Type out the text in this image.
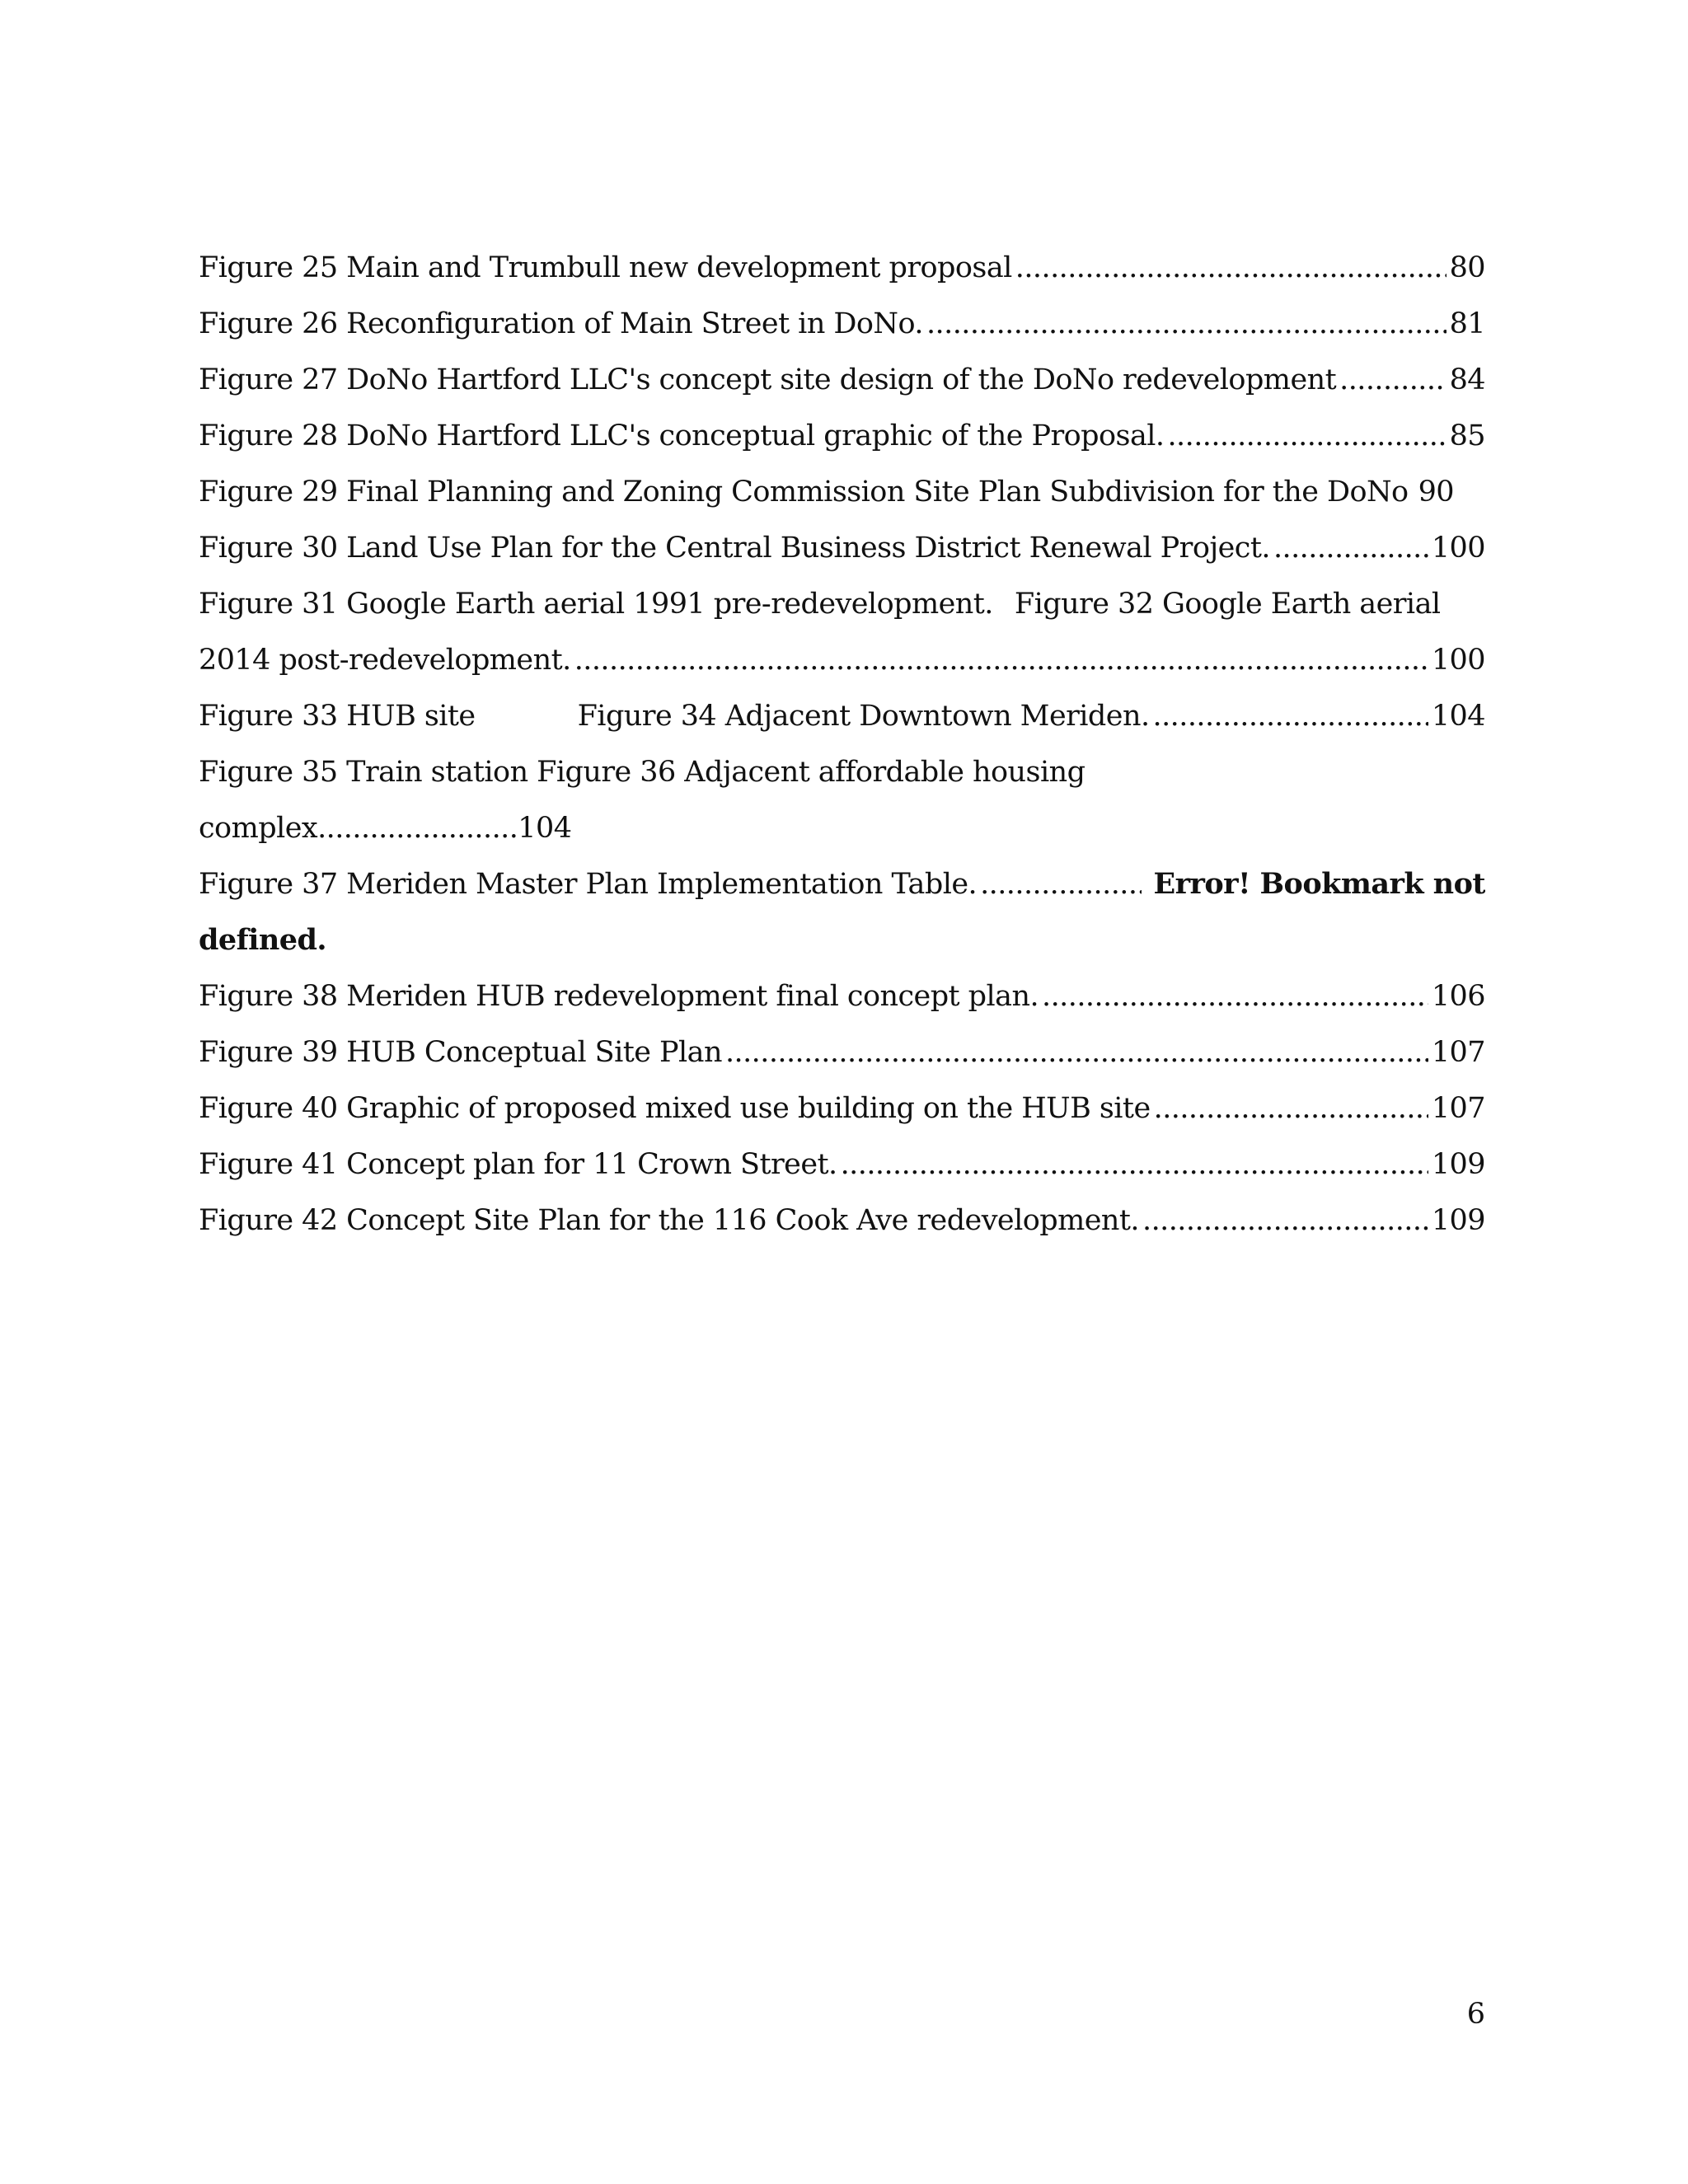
Figure 25 Main and Trumbull new development proposal .....	80
Figure 26 Reconfiguration of Main Street in DoNo. .....	81
Figure 27 DoNo Hartford LLC's concept site design of the DoNo redevelopment .....	84
Figure 28 DoNo Hartford LLC's conceptual graphic of the Proposal. .....	85
Figure 29 Final Planning and Zoning Commission Site Plan Subdivision for the DoNo 90
Figure 30 Land Use Plan for the Central Business District Renewal Project. .....	100
Figure 31 Google Earth aerial 1991 pre-redevelopment. Figure 32 Google Earth aerial
2014 post-redevelopment. .....	100
Figure 33 HUB site	Figure 34 Adjacent Downtown Meriden. .....	104
Figure 35 Train station Figure 36 Adjacent affordable housing
complex.......................104
Figure 37 Meriden Master Plan Implementation Table. .....	Error! Bookmark not
defined.
Figure 38 Meriden HUB redevelopment final concept plan. .....	106
Figure 39 HUB Conceptual Site Plan .....	107
Figure 40 Graphic of proposed mixed use building on the HUB site .....	107
Figure 41 Concept plan for 11 Crown Street. .....	109
Figure 42 Concept Site Plan for the 116 Cook Ave redevelopment. .....	109
6
